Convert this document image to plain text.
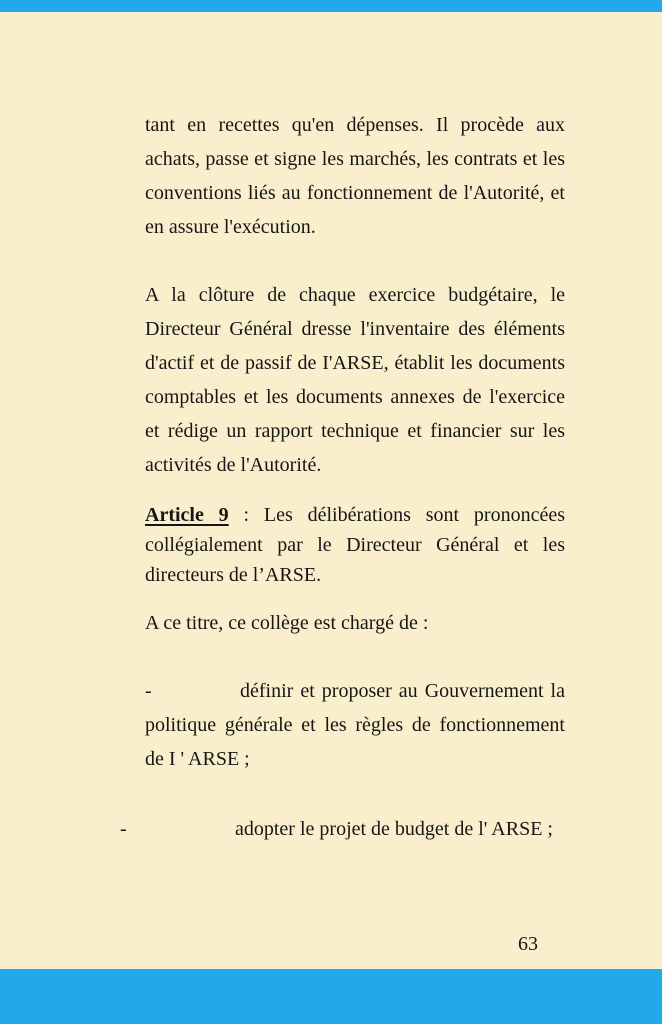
tant en recettes qu'en dépenses. Il procède aux
achats, passe et signe les marchés, les contrats et les
conventions liés au fonctionnement de l'Autorité, et
en assure l'exécution.
A la clôture de chaque exercice budgétaire, le
Directeur Général dresse l'inventaire des éléments
d'actif et de passif de I'ARSE, établit les documents
comptables et les documents annexes de l'exercice
et rédige un rapport technique et financier sur les
activités de l'Autorité.
Article 9 : Les délibérations sont prononcées
collégialement par le Directeur Général et les
directeurs de l’ARSE.
A ce titre, ce collège est chargé de :
-	définir et proposer au Gouvernement la
politique générale et les règles de fonctionnement
de I ' ARSE ;
-	adopter le projet de budget de l' ARSE ;
63
